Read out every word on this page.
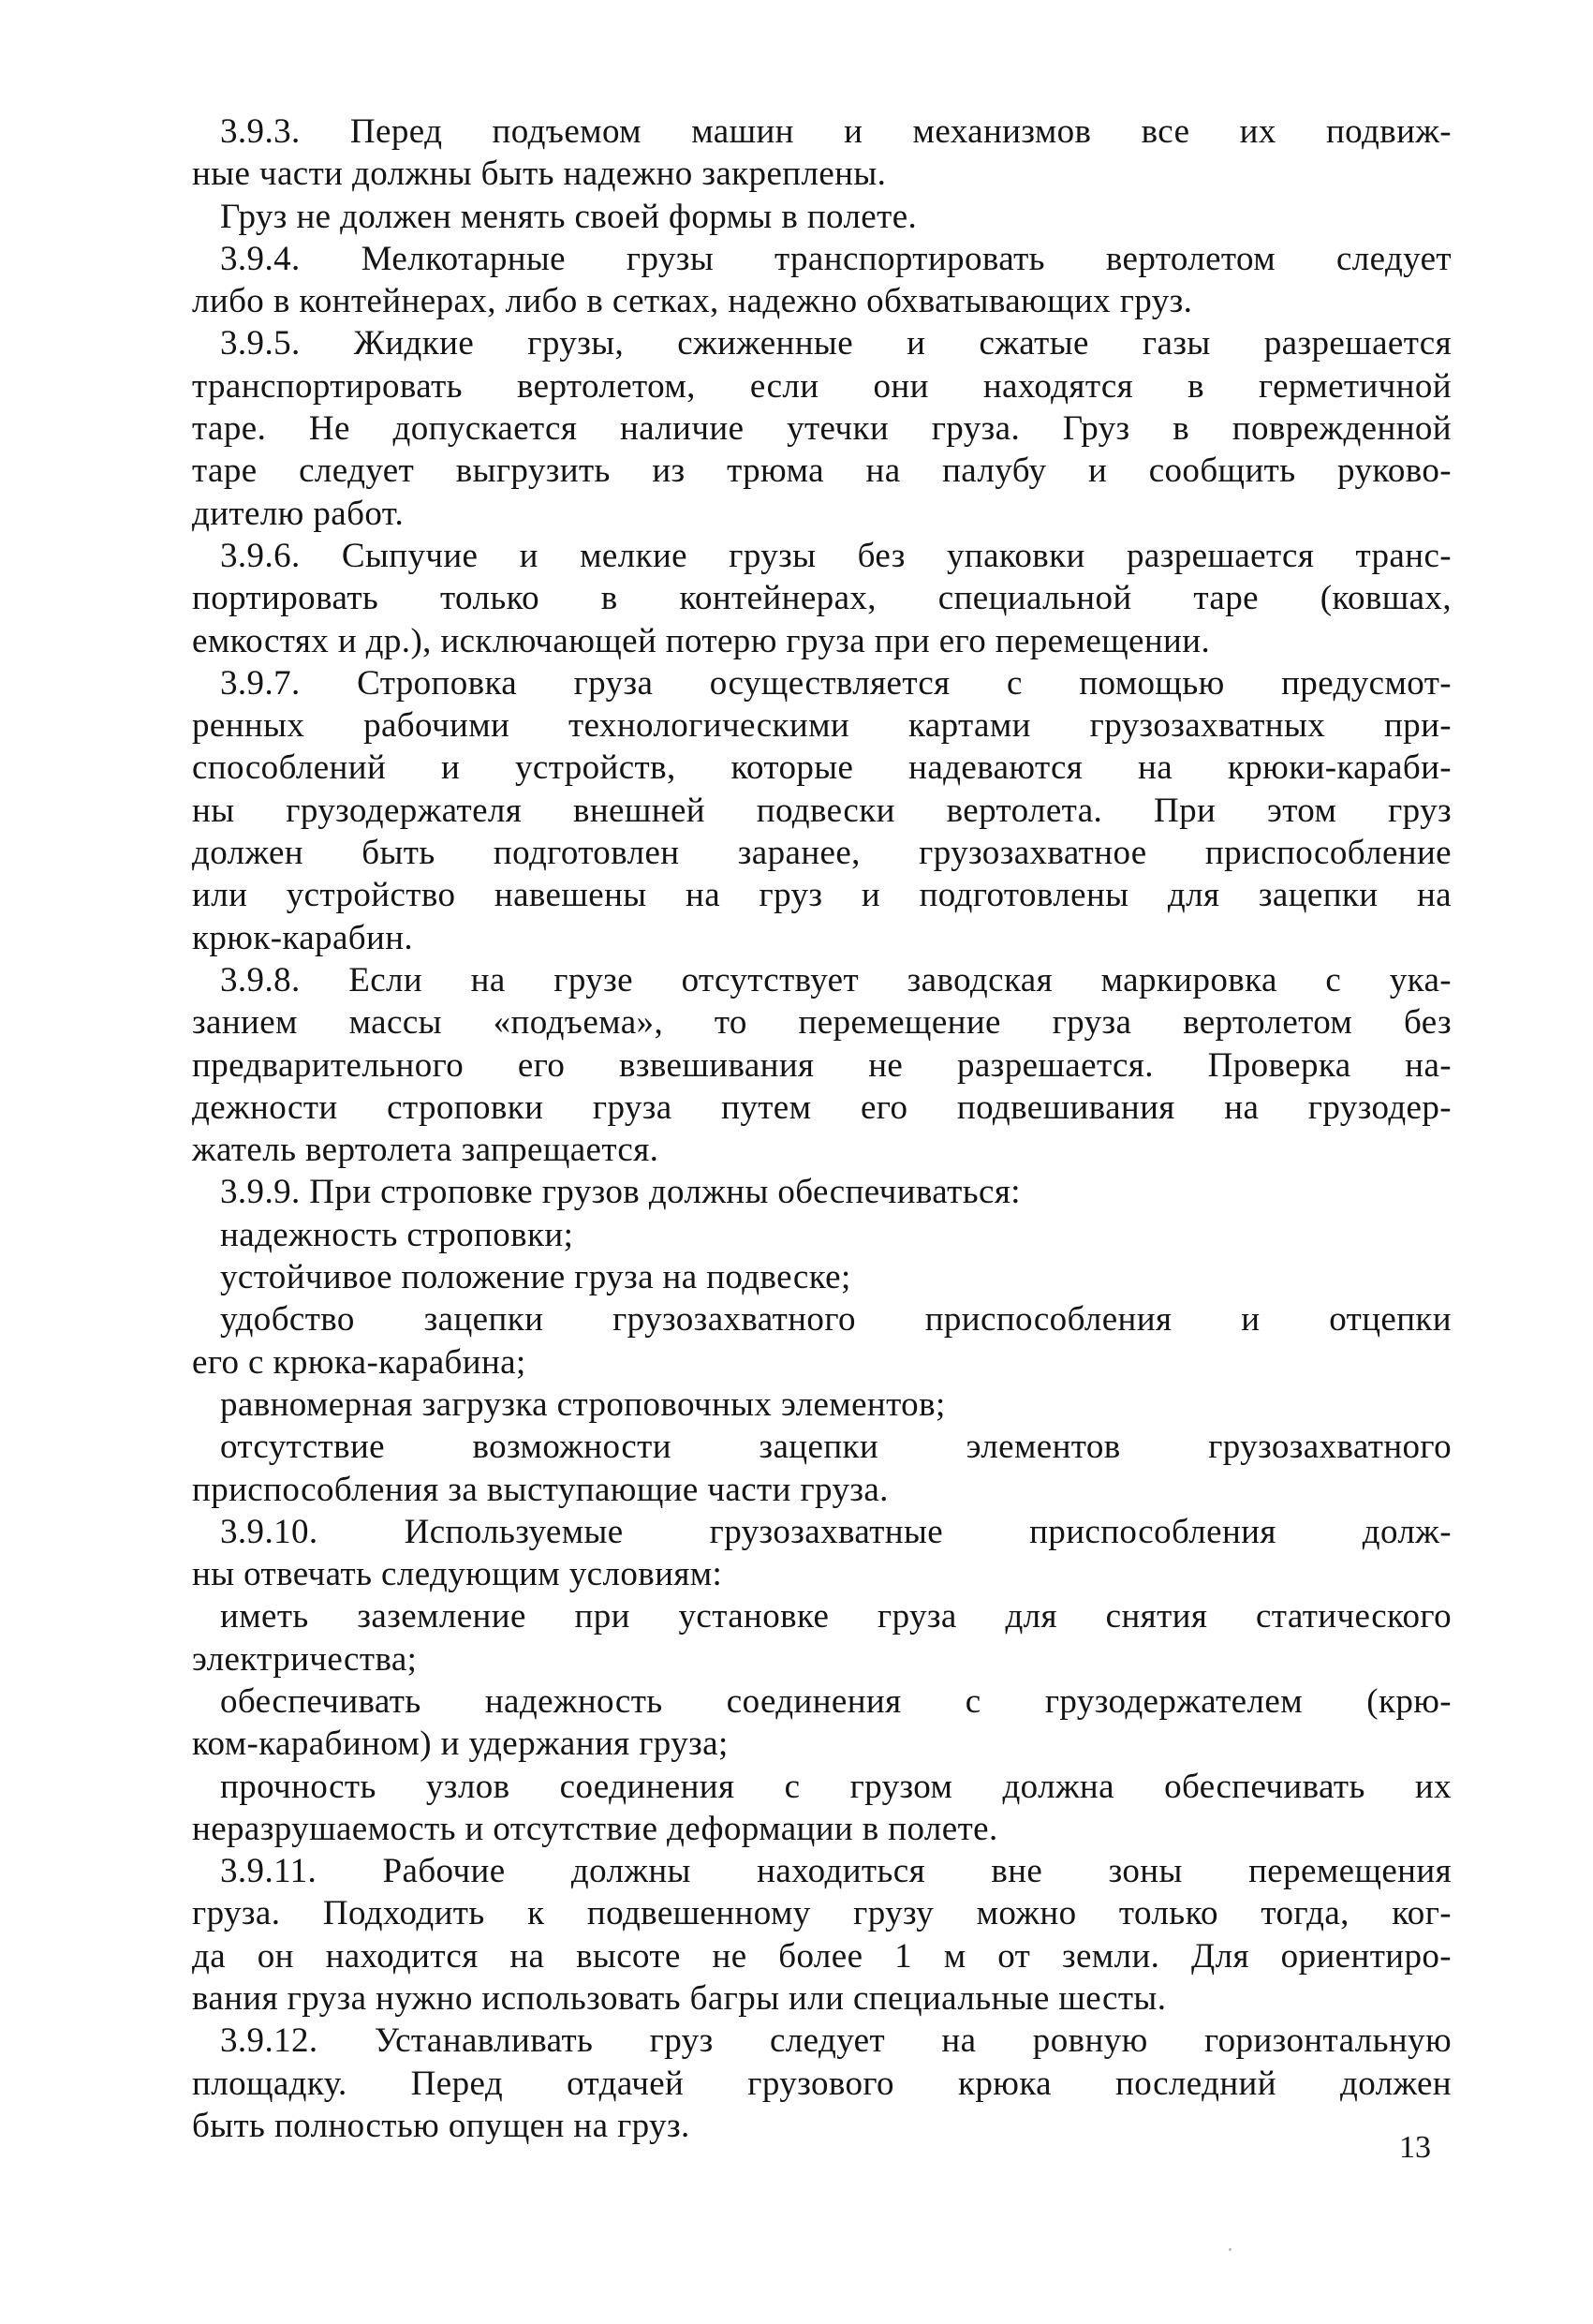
3.9.3. Перед подъемом машин и механизмов все их подвиж-
ные части должны быть надежно закреплены.
Груз не должен менять своей формы в полете.
3.9.4. Мелкотарные грузы транспортировать вертолетом следует
либо в контейнерах, либо в сетках, надежно обхватывающих груз.
3.9.5. Жидкие грузы, сжиженные и сжатые газы разрешается
транспортировать вертолетом, если они находятся в герметичной
таре. Не допускается наличие утечки груза. Груз в поврежденной
таре следует выгрузить из трюма на палубу и сообщить руково-
дителю работ.
3.9.6. Сыпучие и мелкие грузы без упаковки разрешается транс-
портировать только в контейнерах, специальной таре (ковшах,
емкостях и др.), исключающей потерю груза при его перемещении.
3.9.7. Строповка груза осуществляется с помощью предусмот-
ренных рабочими технологическими картами грузозахватных при-
способлений и устройств, которые надеваются на крюки-караби-
ны грузодержателя внешней подвески вертолета. При этом груз
должен быть подготовлен заранее, грузозахватное приспособление
или устройство навешены на груз и подготовлены для зацепки на
крюк-карабин.
3.9.8. Если на грузе отсутствует заводская маркировка с ука-
занием массы «подъема», то перемещение груза вертолетом без
предварительного его взвешивания не разрешается. Проверка на-
дежности строповки груза путем его подвешивания на грузодер-
жатель вертолета запрещается.
3.9.9. При строповке грузов должны обеспечиваться:
надежность строповки;
устойчивое положение груза на подвеске;
удобство зацепки грузозахватного приспособления и отцепки
его с крюка-карабина;
равномерная загрузка строповочных элементов;
отсутствие возможности зацепки элементов грузозахватного
приспособления за выступающие части груза.
3.9.10. Используемые грузозахватные приспособления долж-
ны отвечать следующим условиям:
иметь заземление при установке груза для снятия статического
электричества;
обеспечивать надежность соединения с грузодержателем (крю-
ком-карабином) и удержания груза;
прочность узлов соединения с грузом должна обеспечивать их
неразрушаемость и отсутствие деформации в полете.
3.9.11. Рабочие должны находиться вне зоны перемещения
груза. Подходить к подвешенному грузу можно только тогда, ког-
да он находится на высоте не более 1 м от земли. Для ориентиро-
вания груза нужно использовать багры или специальные шесты.
3.9.12. Устанавливать груз следует на ровную горизонтальную
площадку. Перед отдачей грузового крюка последний должен
быть полностью опущен на груз.
13
